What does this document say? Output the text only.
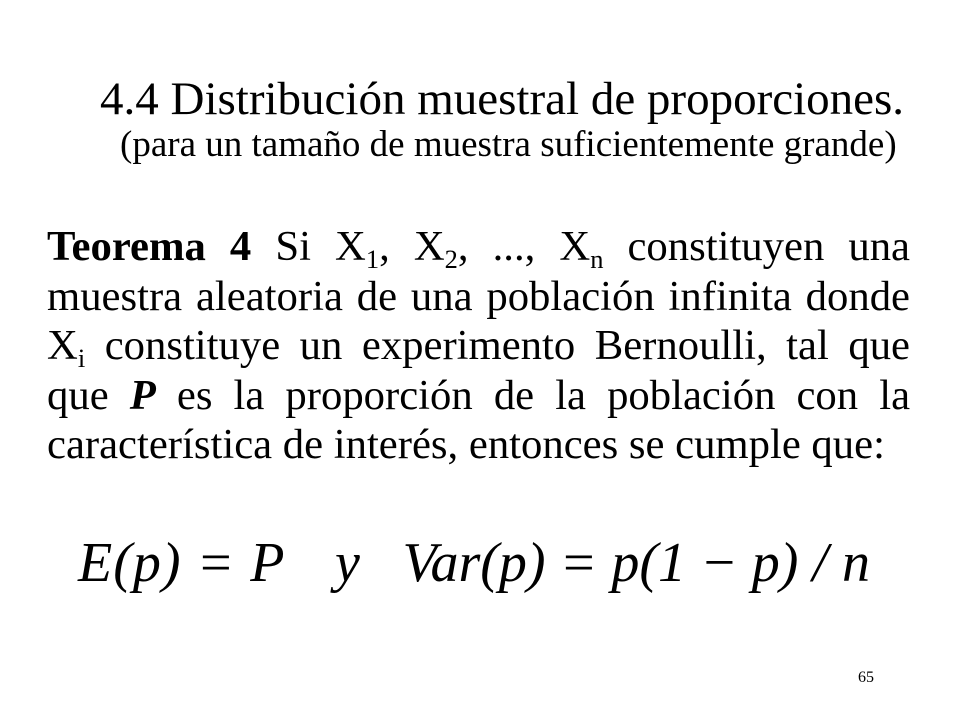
4.4 Distribución muestral de proporciones.
(para un tamaño de muestra suficientemente grande)
Teorema 4 Si X1, X2, ..., Xn constituyen una
muestra aleatoria de una población infinita donde
Xi constituye un experimento Bernoulli, tal que
que P es la proporción de la población con la
característica de interés, entonces se cumple que:
E(p) = P y Var(p) = p(1 − p) / n
65
